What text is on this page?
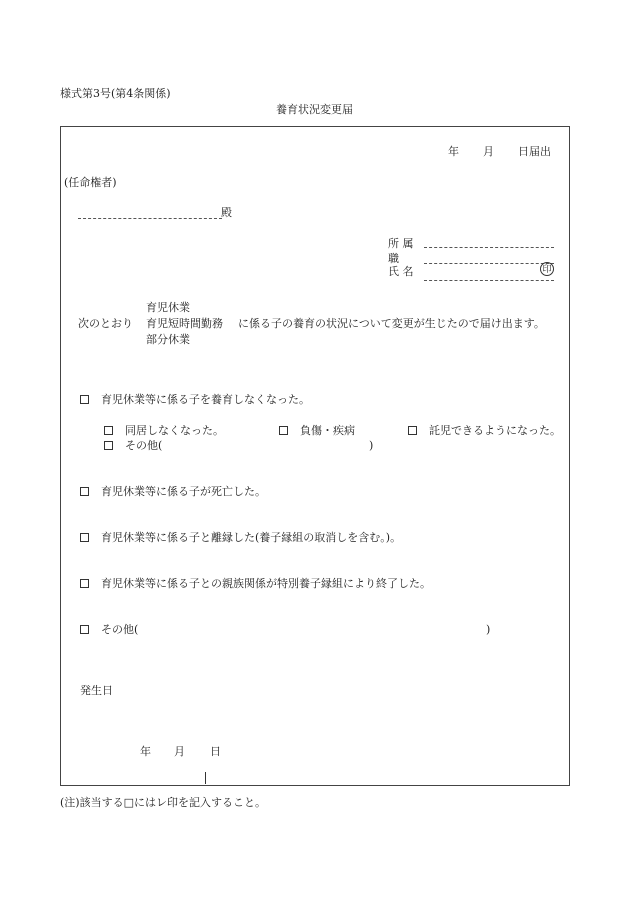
様式第3号(第4条関係)
養育状況変更届
年 月 日届出
(任命権者)
殿
所 属
職
氏 名	印
育児休業
次のとおり 育児短時間勤務 に係る子の養育の状況について変更が生じたので届け出ます。
部分休業
育児休業等に係る子を養育しなくなった。
同居しなくなった。	負傷・疾病	託児できるようになった。
その他(	)
育児休業等に係る子が死亡した。
育児休業等に係る子と離縁した(養子縁組の取消しを含む。)。
育児休業等に係る子との親族関係が特別養子縁組により終了した。
その他(	)
発生日
年 月 日
(注)該当する□にはレ印を記入すること。
